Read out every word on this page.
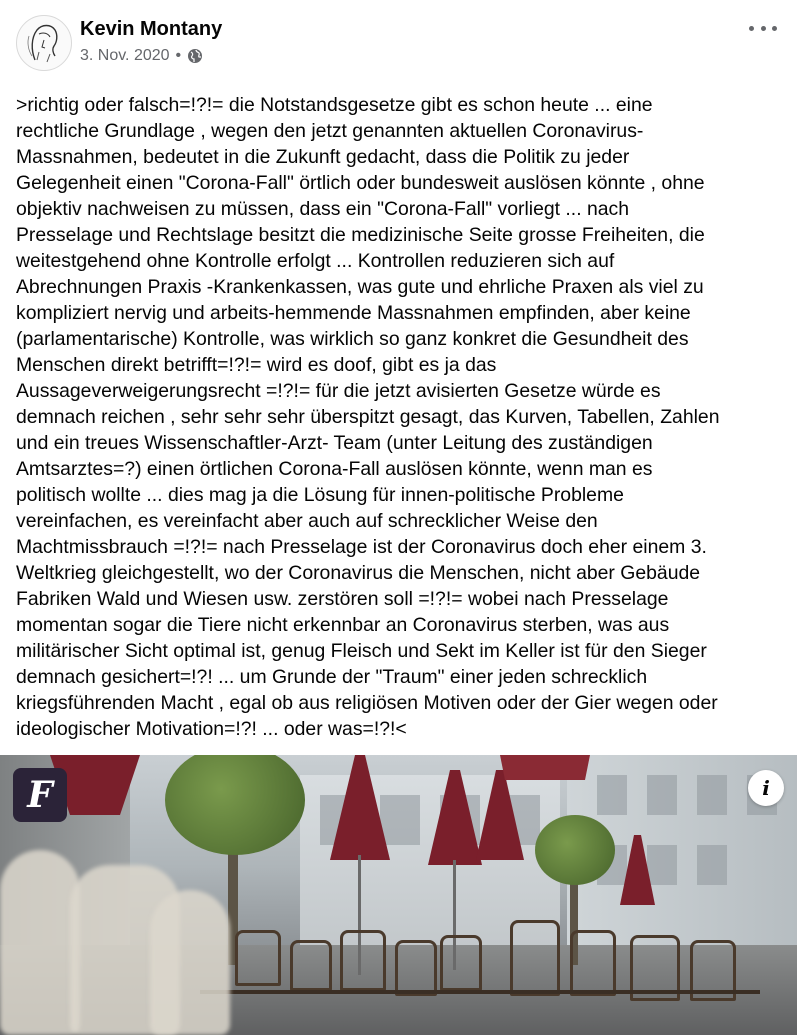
Kevin Montany
3. Nov. 2020 •
>richtig oder falsch=!?!= die Notstandsgesetze gibt es schon heute ... eine
rechtliche Grundlage , wegen den jetzt genannten aktuellen Coronavirus-
Massnahmen, bedeutet in die Zukunft gedacht, dass die Politik zu jeder
Gelegenheit einen "Corona-Fall" örtlich oder bundesweit auslösen könnte , ohne
objektiv nachweisen zu müssen, dass ein "Corona-Fall" vorliegt ... nach
Presselage und Rechtslage besitzt die medizinische Seite grosse Freiheiten, die
weitestgehend ohne Kontrolle erfolgt ... Kontrollen reduzieren sich auf
Abrechnungen Praxis -Krankenkassen, was gute und ehrliche Praxen als viel zu
kompliziert nervig und arbeits-hemmende Massnahmen empfinden, aber keine
(parlamentarische) Kontrolle, was wirklich so ganz konkret die Gesundheit des
Menschen direkt betrifft=!?!= wird es doof, gibt es ja das
Aussageverweigerungsrecht =!?!= für die jetzt avisierten Gesetze würde es
demnach reichen , sehr sehr sehr überspitzt gesagt, das Kurven, Tabellen, Zahlen
und ein treues Wissenschaftler-Arzt- Team (unter Leitung des zuständigen
Amtsarztes=?) einen örtlichen Corona-Fall auslösen könnte, wenn man es
politisch wollte ... dies mag ja die Lösung für innen-politische Probleme
vereinfachen, es vereinfacht aber auch auf schrecklicher Weise den
Machtmissbrauch =!?!= nach Presselage ist der Coronavirus doch eher einem 3.
Weltkrieg gleichgestellt, wo der Coronavirus die Menschen, nicht aber Gebäude
Fabriken Wald und Wiesen usw. zerstören soll =!?!= wobei nach Presselage
momentan sogar die Tiere nicht erkennbar an Coronavirus sterben, was aus
militärischer Sicht optimal ist, genug Fleisch und Sekt im Keller ist für den Sieger
demnach gesichert=!?! ... um Grunde der "Traum" einer jeden schrecklich
kriegsführenden Macht , egal ob aus religiösen Motiven oder der Gier wegen oder
ideologischer Motivation=!?! ... oder was=!?!<
F	i
